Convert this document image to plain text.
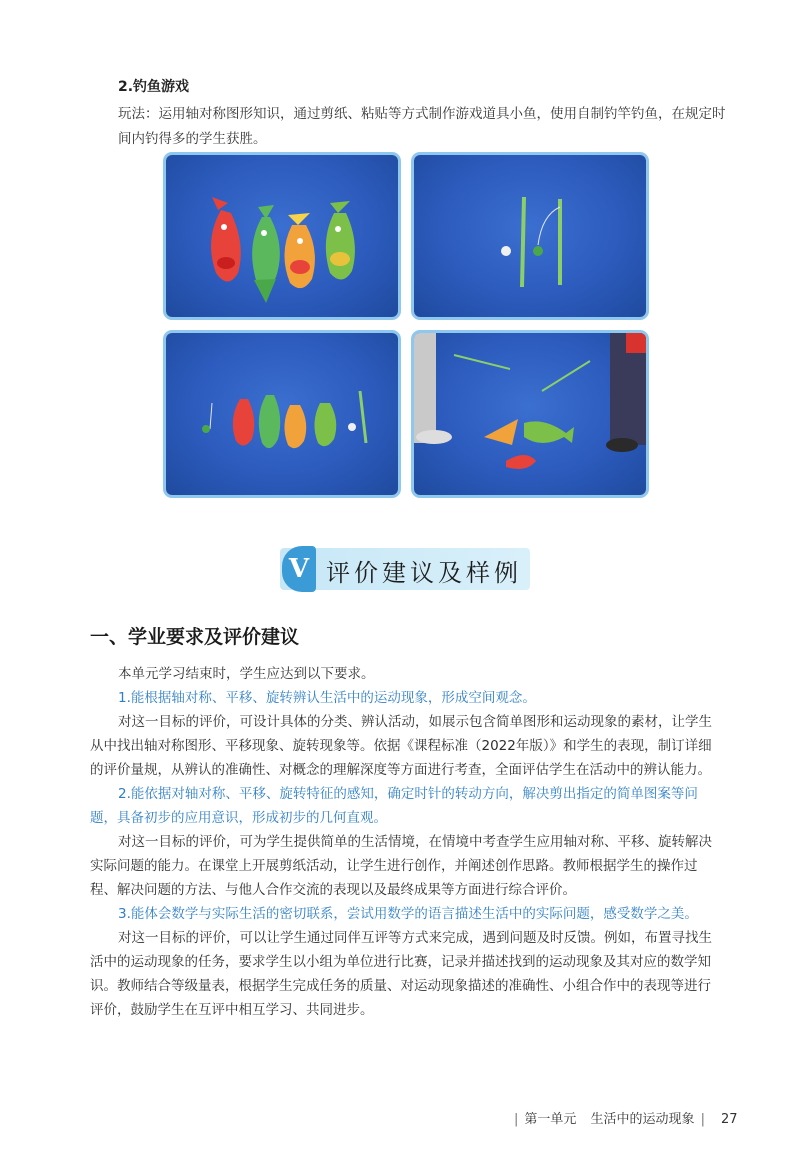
2.钓鱼游戏
玩法：运用轴对称图形知识，通过剪纸、粘贴等方式制作游戏道具小鱼，使用自制钓竿钓鱼，在规定时间内钓得多的学生获胜。
V 评价建议及样例
一、学业要求及评价建议

本单元学习结束时，学生应达到以下要求。

1.能根据轴对称、平移、旋转辨认生活中的运动现象，形成空间观念。

对这一目标的评价，可设计具体的分类、辨认活动，如展示包含简单图形和运动现象的素材，让学生从中找出轴对称图形、平移现象、旋转现象等。依据《课程标准（2022年版）》和学生的表现，制订详细的评价量规，从辨认的准确性、对概念的理解深度等方面进行考查，全面评估学生在活动中的辨认能力。

2.能依据对轴对称、平移、旋转特征的感知，确定时针的转动方向，解决剪出指定的简单图案等问题，具备初步的应用意识，形成初步的几何直观。

对这一目标的评价，可为学生提供简单的生活情境，在情境中考查学生应用轴对称、平移、旋转解决实际问题的能力。在课堂上开展剪纸活动，让学生进行创作，并阐述创作思路。教师根据学生的操作过程、解决问题的方法、与他人合作交流的表现以及最终成果等方面进行综合评价。

3.能体会数学与实际生活的密切联系，尝试用数学的语言描述生活中的实际问题，感受数学之美。

对这一目标的评价，可以让学生通过同伴互评等方式来完成，遇到问题及时反馈。例如，布置寻找生活中的运动现象的任务，要求学生以小组为单位进行比赛，记录并描述找到的运动现象及其对应的数学知识。教师结合等级量表，根据学生完成任务的质量、对运动现象描述的准确性、小组合作中的表现等进行评价，鼓励学生在互评中相互学习、共同进步。

| 第一单元 生活中的运动现象 | 27
